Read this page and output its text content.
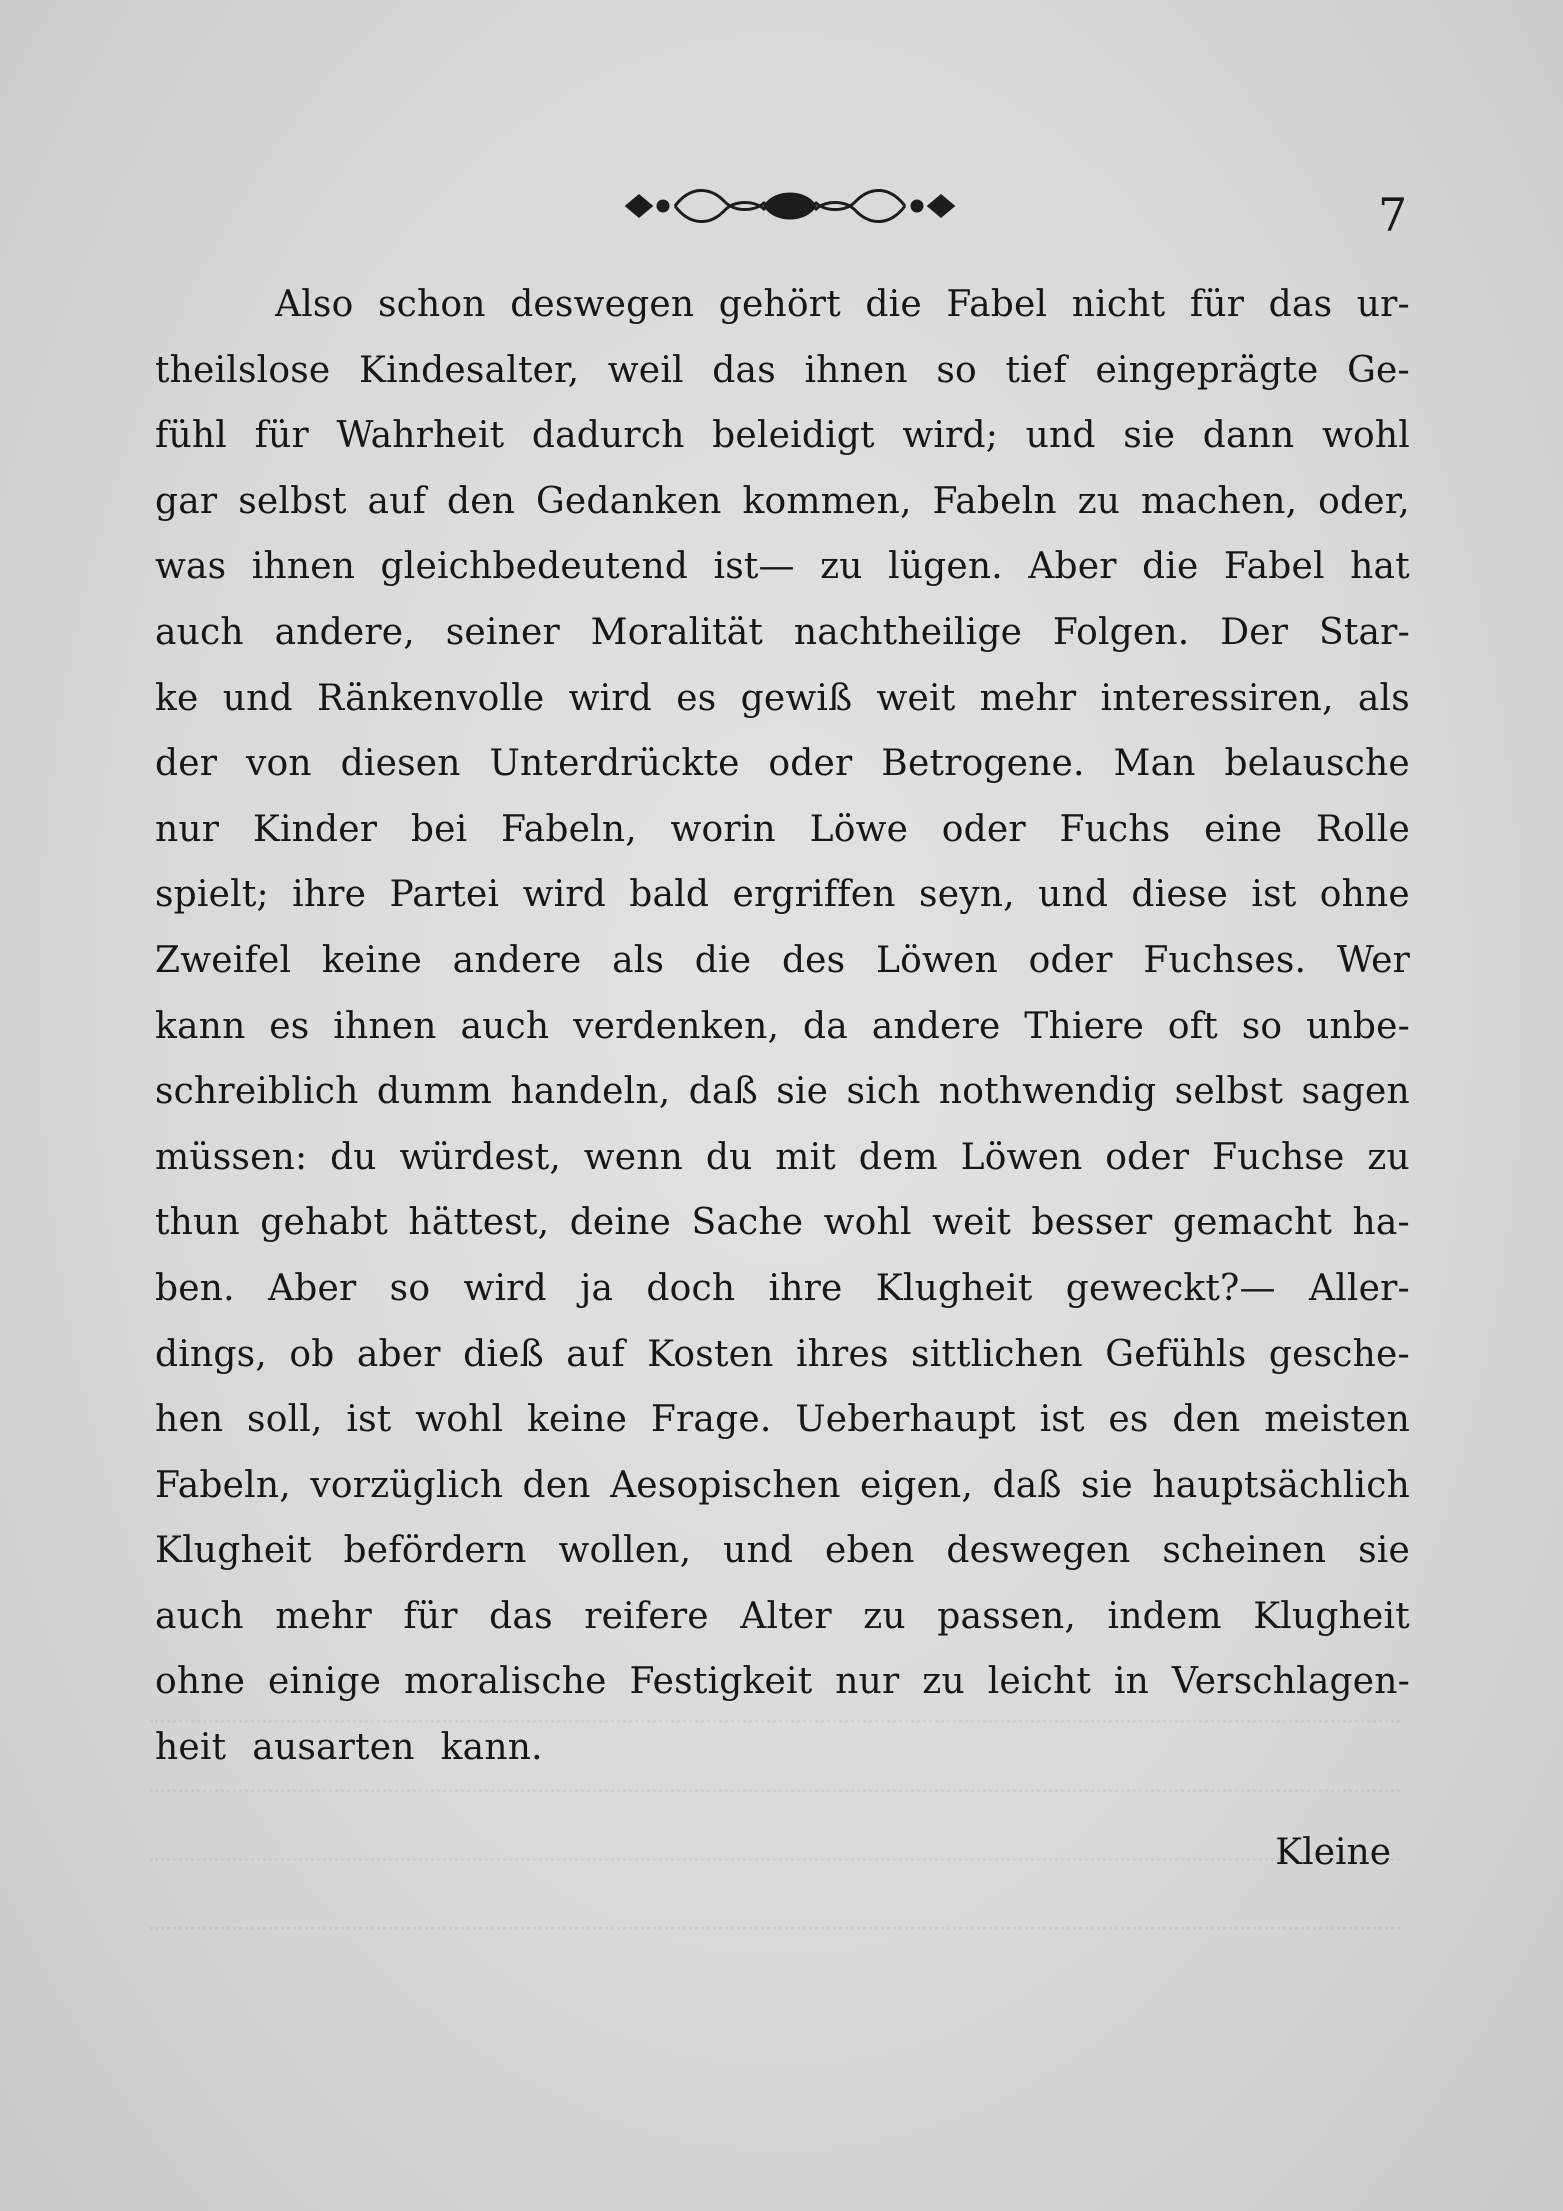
7
Also schon deswegen gehört die Fabel nicht für das ur-
theilslose Kindesalter, weil das ihnen so tief eingeprägte Ge-
fühl für Wahrheit dadurch beleidigt wird; und sie dann wohl
gar selbst auf den Gedanken kommen, Fabeln zu machen, oder,
was ihnen gleichbedeutend ist— zu lügen. Aber die Fabel hat
auch andere, seiner Moralität nachtheilige Folgen. Der Star-
ke und Ränkenvolle wird es gewiß weit mehr interessiren, als
der von diesen Unterdrückte oder Betrogene. Man belausche
nur Kinder bei Fabeln, worin Löwe oder Fuchs eine Rolle
spielt; ihre Partei wird bald ergriffen seyn, und diese ist ohne
Zweifel keine andere als die des Löwen oder Fuchses. Wer
kann es ihnen auch verdenken, da andere Thiere oft so unbe-
schreiblich dumm handeln, daß sie sich nothwendig selbst sagen
müssen: du würdest, wenn du mit dem Löwen oder Fuchse zu
thun gehabt hättest, deine Sache wohl weit besser gemacht ha-
ben. Aber so wird ja doch ihre Klugheit geweckt?— Aller-
dings, ob aber dieß auf Kosten ihres sittlichen Gefühls gesche-
hen soll, ist wohl keine Frage. Ueberhaupt ist es den meisten
Fabeln, vorzüglich den Aesopischen eigen, daß sie hauptsächlich
Klugheit befördern wollen, und eben deswegen scheinen sie
auch mehr für das reifere Alter zu passen, indem Klugheit
ohne einige moralische Festigkeit nur zu leicht in Verschlagen-
heit ausarten kann.
Kleine
